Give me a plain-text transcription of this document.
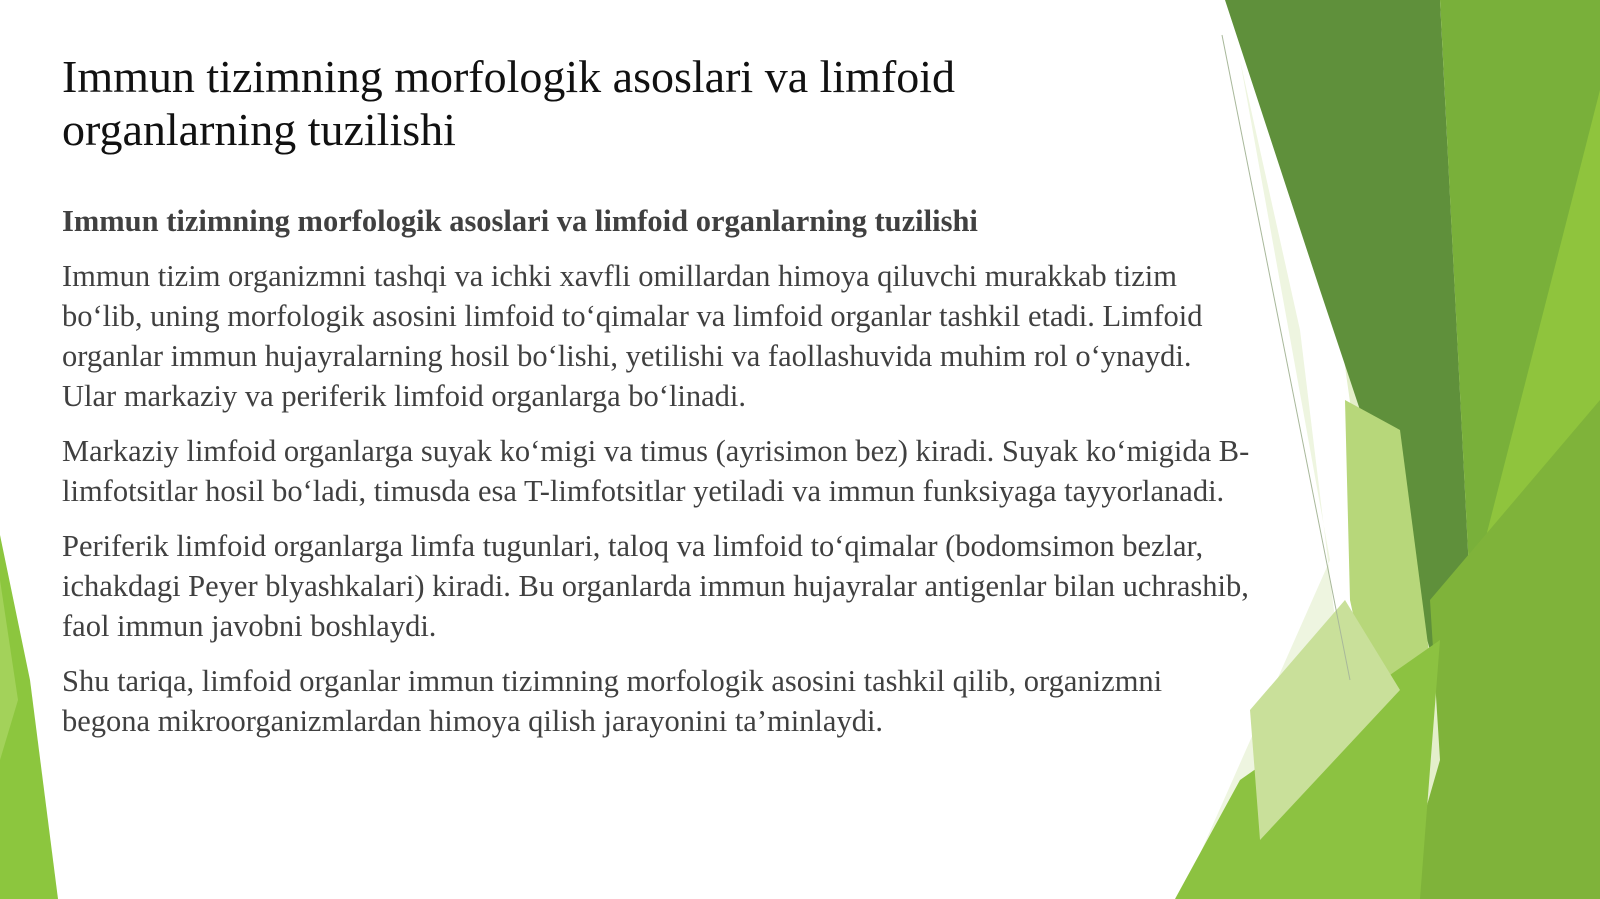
Immun tizimning morfologik asoslari va limfoid organlarning tuzilishi

Immun tizimning morfologik asoslari va limfoid organlarning tuzilishi

Immun tizim organizmni tashqi va ichki xavfli omillardan himoya qiluvchi murakkab tizim bo‘lib, uning morfologik asosini limfoid to‘qimalar va limfoid organlar tashkil etadi. Limfoid organlar immun hujayralarning hosil bo‘lishi, yetilishi va faollashuvida muhim rol o‘ynaydi. Ular markaziy va periferik limfoid organlarga bo‘linadi.

Markaziy limfoid organlarga suyak ko‘migi va timus (ayrisimon bez) kiradi. Suyak ko‘migida B-limfotsitlar hosil bo‘ladi, timusda esa T-limfotsitlar yetiladi va immun funksiyaga tayyorlanadi.

Periferik limfoid organlarga limfa tugunlari, taloq va limfoid to‘qimalar (bodomsimon bezlar, ichakdagi Peyer blyashkalari) kiradi. Bu organlarda immun hujayralar antigenlar bilan uchrashib, faol immun javobni boshlaydi.

Shu tariqa, limfoid organlar immun tizimning morfologik asosini tashkil qilib, organizmni begona mikroorganizmlardan himoya qilish jarayonini ta’minlaydi.
